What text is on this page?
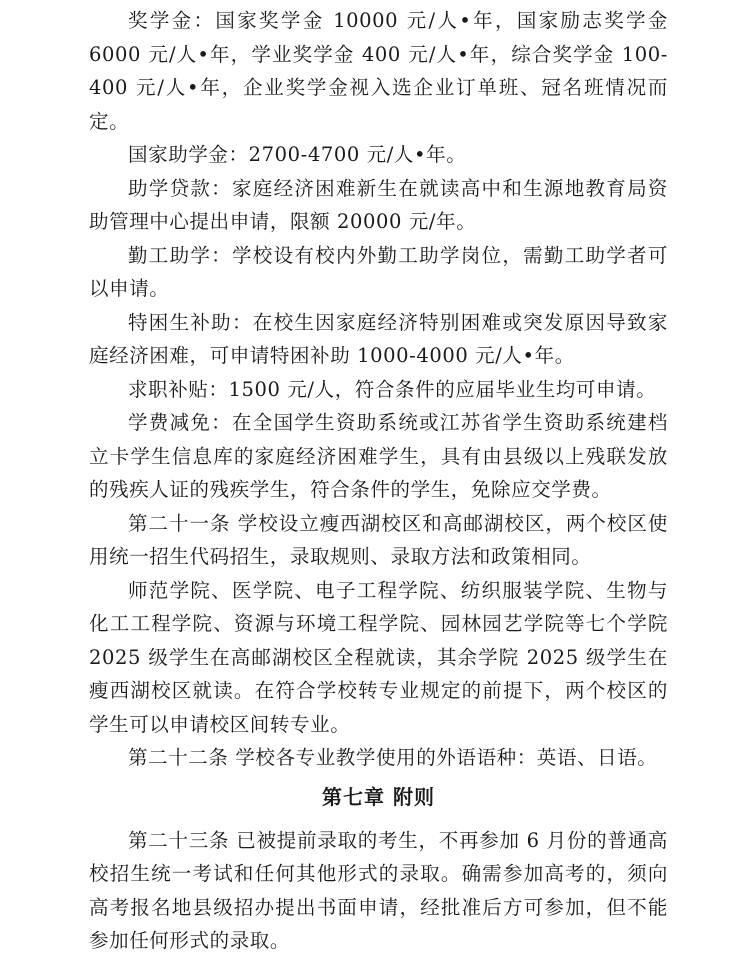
奖学金：国家奖学金 10000 元/人•年，国家励志奖学金 6000 元/人•年，学业奖学金 400 元/人•年，综合奖学金 100-400 元/人•年，企业奖学金视入选企业订单班、冠名班情况而定。

国家助学金：2700-4700 元/人•年。

助学贷款：家庭经济困难新生在就读高中和生源地教育局资助管理中心提出申请，限额 20000 元/年。

勤工助学：学校设有校内外勤工助学岗位，需勤工助学者可以申请。

特困生补助：在校生因家庭经济特别困难或突发原因导致家庭经济困难，可申请特困补助 1000-4000 元/人•年。

求职补贴：1500 元/人，符合条件的应届毕业生均可申请。

学费减免：在全国学生资助系统或江苏省学生资助系统建档立卡学生信息库的家庭经济困难学生，具有由县级以上残联发放的残疾人证的残疾学生，符合条件的学生，免除应交学费。

第二十一条 学校设立瘦西湖校区和高邮湖校区，两个校区使用统一招生代码招生，录取规则、录取方法和政策相同。

师范学院、医学院、电子工程学院、纺织服装学院、生物与化工工程学院、资源与环境工程学院、园林园艺学院等七个学院 2025 级学生在高邮湖校区全程就读，其余学院 2025 级学生在瘦西湖校区就读。在符合学校转专业规定的前提下，两个校区的学生可以申请校区间转专业。

第二十二条 学校各专业教学使用的外语语种：英语、日语。

第七章 附则

第二十三条 已被提前录取的考生，不再参加 6 月份的普通高校招生统一考试和任何其他形式的录取。确需参加高考的，须向高考报名地县级招办提出书面申请，经批准后方可参加，但不能参加任何形式的录取。
